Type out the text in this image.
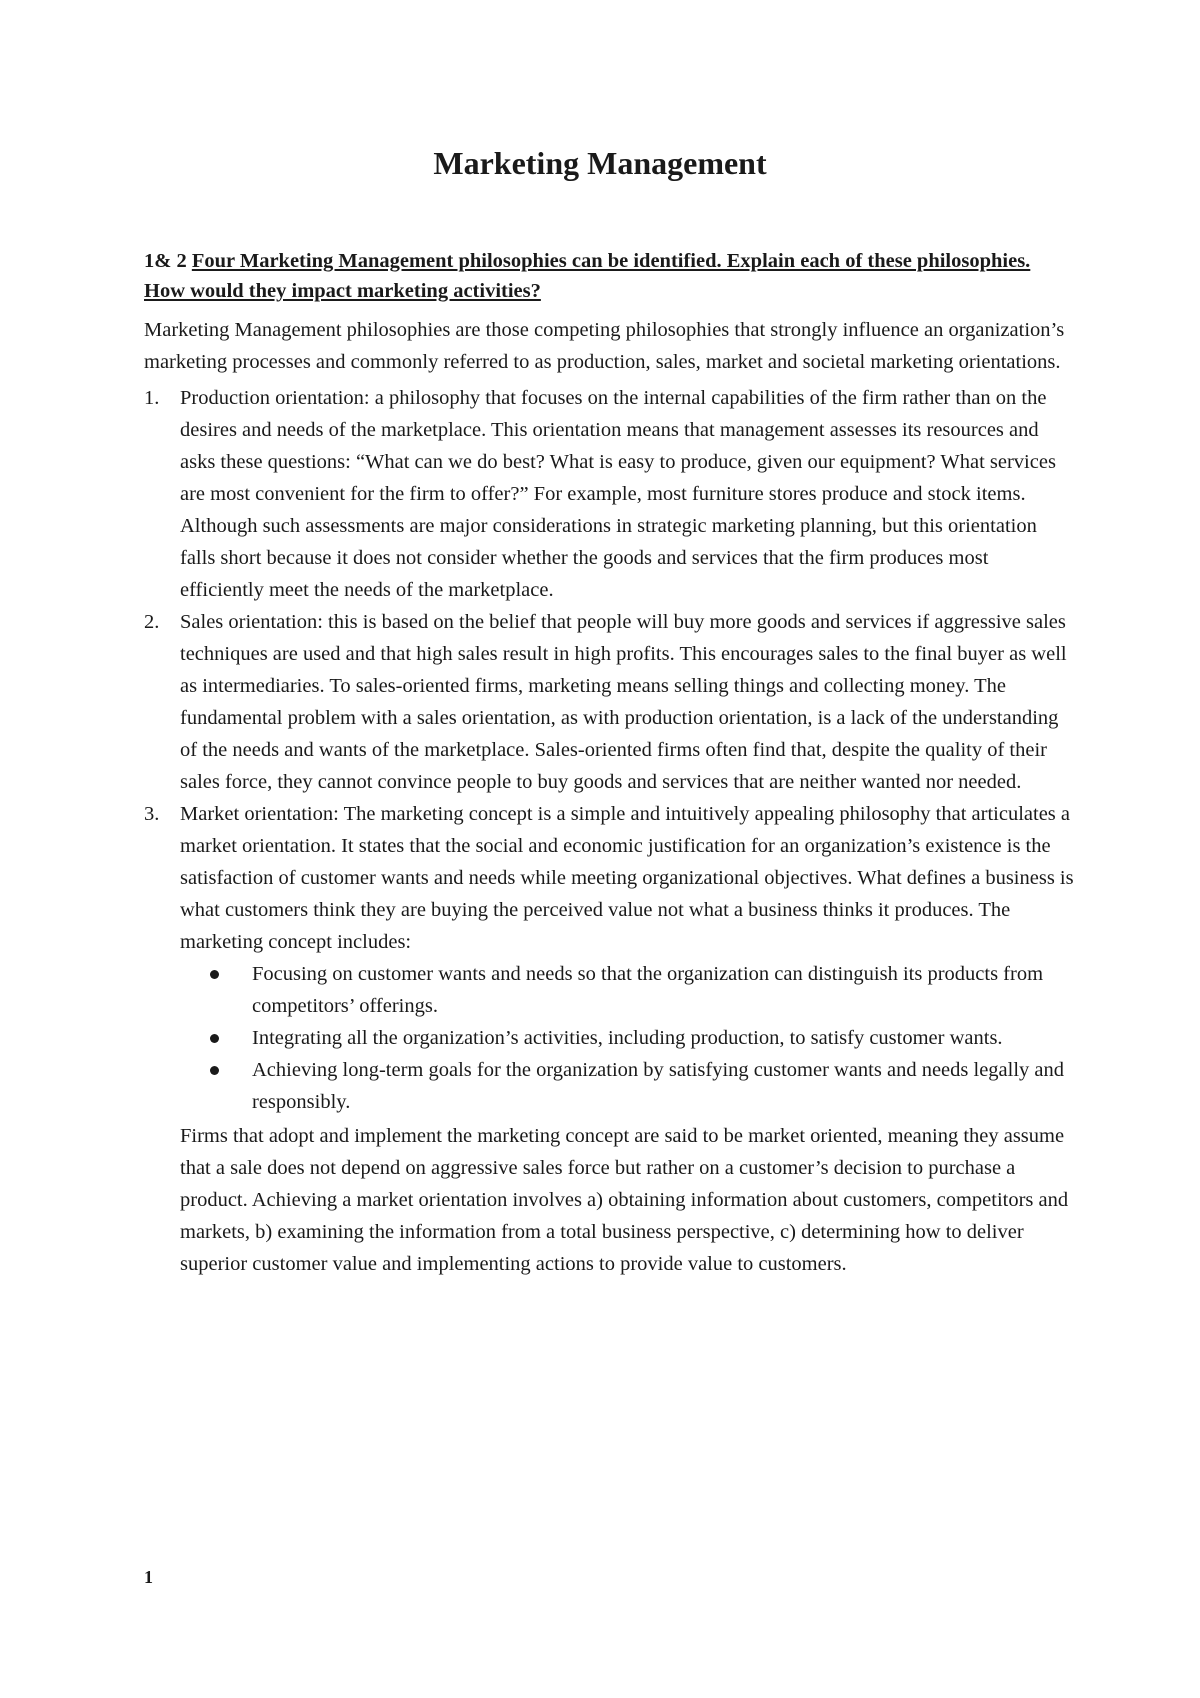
Marketing Management

1& 2 Four Marketing Management philosophies can be identified. Explain each of these philosophies. How would they impact marketing activities?

Marketing Management philosophies are those competing philosophies that strongly influence an organization’s marketing processes and commonly referred to as production, sales, market and societal marketing orientations.

1. Production orientation: a philosophy that focuses on the internal capabilities of the firm rather than on the desires and needs of the marketplace. This orientation means that management assesses its resources and asks these questions: “What can we do best? What is easy to produce, given our equipment? What services are most convenient for the firm to offer?” For example, most furniture stores produce and stock items. Although such assessments are major considerations in strategic marketing planning, but this orientation falls short because it does not consider whether the goods and services that the firm produces most efficiently meet the needs of the marketplace.
2. Sales orientation: this is based on the belief that people will buy more goods and services if aggressive sales techniques are used and that high sales result in high profits. This encourages sales to the final buyer as well as intermediaries. To sales-oriented firms, marketing means selling things and collecting money. The fundamental problem with a sales orientation, as with production orientation, is a lack of the understanding of the needs and wants of the marketplace. Sales-oriented firms often find that, despite the quality of their sales force, they cannot convince people to buy goods and services that are neither wanted nor needed.
3. Market orientation: The marketing concept is a simple and intuitively appealing philosophy that articulates a market orientation. It states that the social and economic justification for an organization’s existence is the satisfaction of customer wants and needs while meeting organizational objectives. What defines a business is what customers think they are buying the perceived value not what a business thinks it produces. The marketing concept includes:
Focusing on customer wants and needs so that the organization can distinguish its products from competitors’ offerings.
Integrating all the organization’s activities, including production, to satisfy customer wants.
Achieving long-term goals for the organization by satisfying customer wants and needs legally and responsibly.

Firms that adopt and implement the marketing concept are said to be market oriented, meaning they assume that a sale does not depend on aggressive sales force but rather on a customer’s decision to purchase a product. Achieving a market orientation involves a) obtaining information about customers, competitors and markets, b) examining the information from a total business perspective, c) determining how to deliver superior customer value and implementing actions to provide value to customers.

1
